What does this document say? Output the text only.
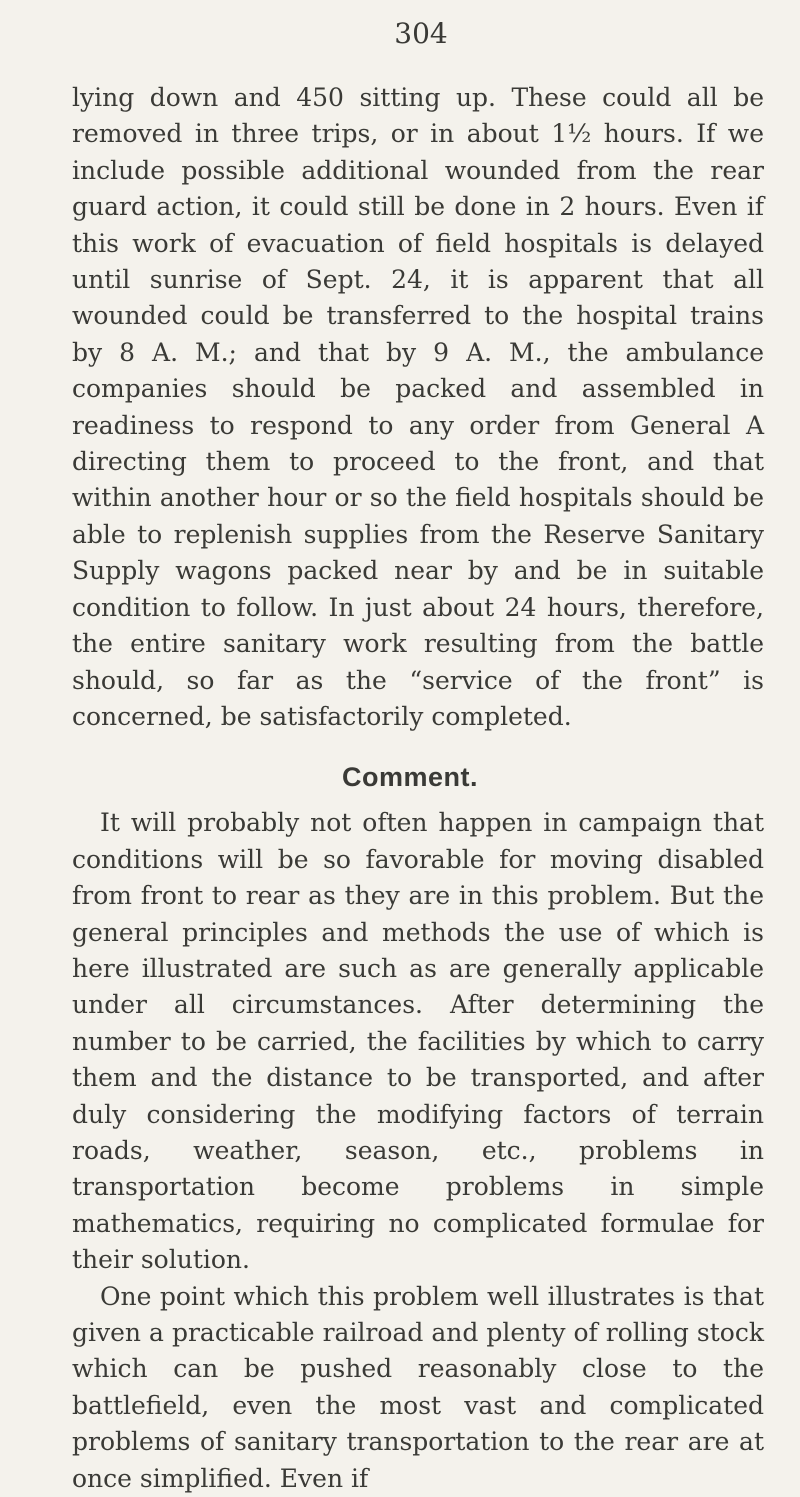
304

lying down and 450 sitting up. These could all be removed in three trips, or in about 1½ hours. If we include possible additional wounded from the rear guard action, it could still be done in 2 hours. Even if this work of evacuation of field hospitals is delayed until sunrise of Sept. 24, it is apparent that all wounded could be transferred to the hospital trains by 8 A. M.; and that by 9 A. M., the ambulance companies should be packed and assembled in readiness to respond to any order from General A directing them to proceed to the front, and that within another hour or so the field hospitals should be able to replenish supplies from the Reserve Sanitary Supply wagons packed near by and be in suitable condition to follow. In just about 24 hours, therefore, the entire sanitary work resulting from the battle should, so far as the “service of the front” is concerned, be satisfactorily completed.

Comment.

It will probably not often happen in campaign that conditions will be so favorable for moving disabled from front to rear as they are in this problem. But the general principles and methods the use of which is here illustrated are such as are generally applicable under all circumstances. After determining the number to be carried, the facilities by which to carry them and the distance to be transported, and after duly considering the modifying factors of terrain roads, weather, season, etc., problems in transportation become problems in simple mathematics, requiring no complicated formulae for their solution.

One point which this problem well illustrates is that given a practicable railroad and plenty of rolling stock which can be pushed reasonably close to the battlefield, even the most vast and complicated problems of sanitary transportation to the rear are at once simplified. Even if
